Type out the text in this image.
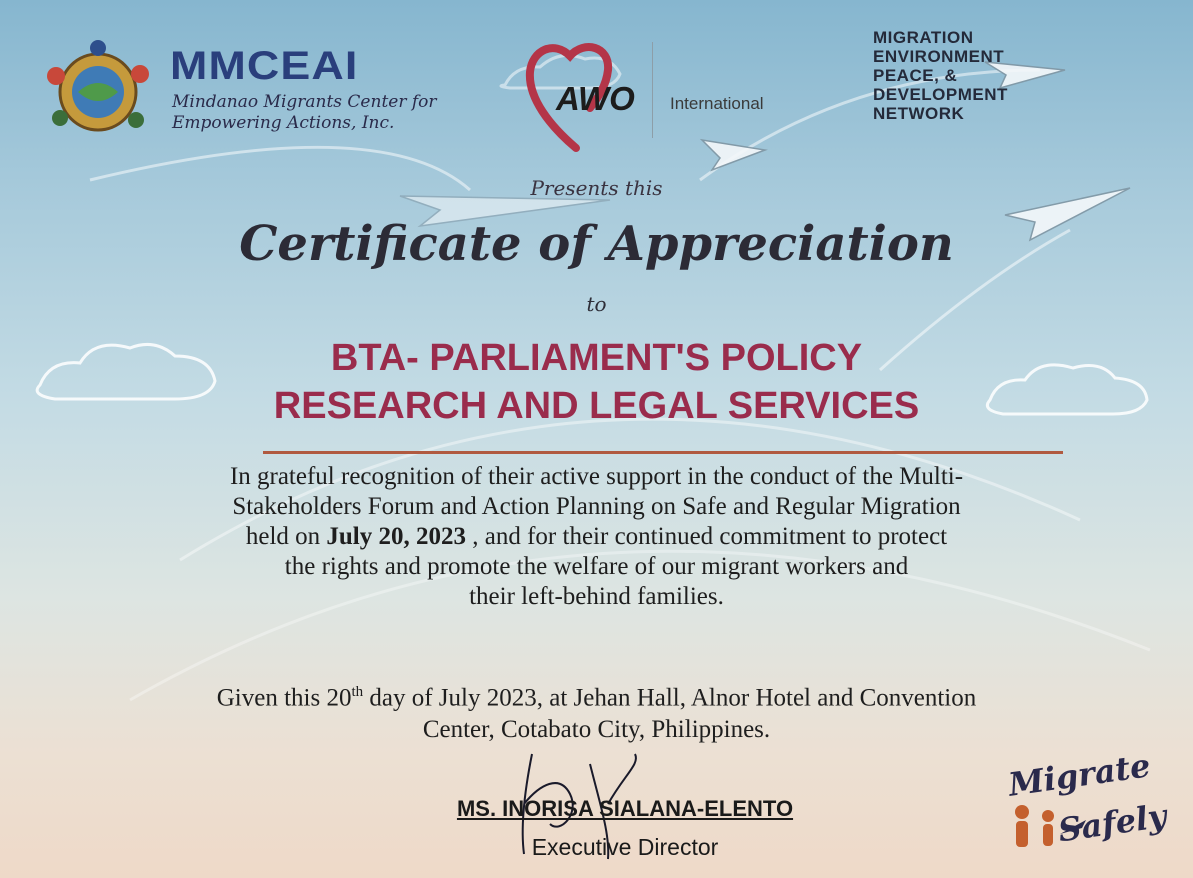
MMCEAI

Mindanao Migrants Center for
Empowering Actions, Inc.

AWO International

MIGRATION
ENVIRONMENT
PEACE, &
DEVELOPMENT
NETWORK

Presents this

Certificate of Appreciation

to

BTA- PARLIAMENT'S POLICY
RESEARCH AND LEGAL SERVICES

In grateful recognition of their active support in the conduct of the Multi-
Stakeholders Forum and Action Planning on Safe and Regular Migration
held on July 20, 2023 , and for their continued commitment to protect
the rights and promote the welfare of our migrant workers and
their left-behind families.

Given this 20th day of July 2023, at Jehan Hall, Alnor Hotel and Convention
Center, Cotabato City, Philippines.

MS. INORISA SIALANA-ELENTO

Executive Director

Migrate

Safely
